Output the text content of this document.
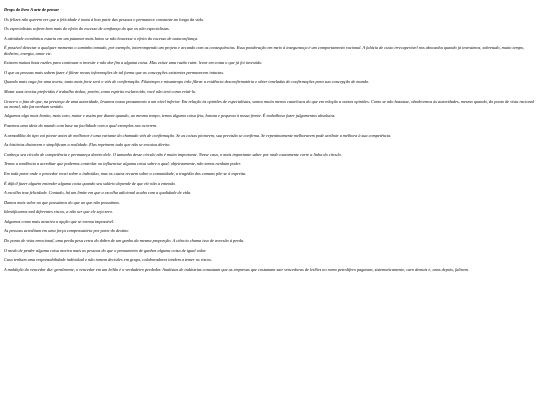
Drops do livro A arte de pensar

Os felizes não querem ver que a felicidade é inata à boa parte das pessoas e permanece constante ao longo da vida.

Os especialistas sofrem bem mais do efeito do excesso de confiança do que os não especialistas.

A atividade econômica estaria em um patamar mais baixo se não houvesse o efeito do excesso de autoconfiança.

É possível detectar a qualquer momento o caminho tomado, por exemplo, interrompendo um projeto e arcando com as consequências. Essa ponderação em meio à insegurança é um comportamento racional. A falácia de custo irrecuperável nos abocanha quando já investimos, sobretudo, muito tempo, dinheiro, energia, amor etc.

Existem muitas boas razões para continuar a investir e não dar fim a alguma coisa. Mas existe uma razão ruim: levar em conta o que já foi investido.

O que as pessoas mais sabem fazer é filtrar novas informações de tal forma que as concepções existentes permanecem intactas.

Quando mais vaga for uma teoria, tanto mais forte será o viés de confirmação. Filantropo e misantropo irão filtrar a evidência desconfirmatória e obter toneladas de confirmações para sua concepção de mundo.

Matar suas teorias preferidas é trabalho árduo; porém, como espírito esclarecido, você não terá como evitá-lo.

Grave-o o fato de que, na presença de uma autoridade, levamos nosso pensamento a um nível inferior. Em relação às opiniões de especialistas, somos muito menos cautelosos do que em relação a outras opiniões. Como se não bastasse, obedecemos às autoridades, mesmo quando, do ponto de vista racional ou moral, não faz nenhum sentido.

Julgamos algo mais bonito, mais caro, maior e assim por diante quando, ao mesmo tempo, temos alguma coisa feia, barata e pequena à nossa frente. É trabalhoso fazer julgamentos absolutos.

Fazemos uma ideia do mundo com base na facilidade com a qual exemplos nos ocorrem.

A armadilha do tipo vai piorar antes de melhorar é uma variante do chamado viés de confirmação. Se as coisas piorarem, sua previsão se confirma. Se repentinamente melhorarem pode atribuir a melhora à sua competência.

As histórias distorcem e simplificam a realidade. Elas reprimem tudo que não se encaixa direito.

Conheça seu círculo de competência e permaneça dentro dele. O tamanho desse círculo não é muito importante. Nesse caso, o mais importante saber por onde exatamente corre a linha do círculo.

Temos a tendência a acreditar que podemos controlar ou influenciar alguma coisa sobre a qual, objetivamente, não temos nenhum poder.

Em toda parte onde o provedor recai sobre o indivíduo, mas os custos recaem sobre a comunidade, a tragédia dos comuns põe-se à espreita.

É difícil fazer alguém entender alguma coisa quando seu salário depende de que ele não a entenda.

A escolha traz felicidade. Contudo, há um limite em que a escolha adicional acaba com a qualidade de vida.

Damos mais valor ao que possuímos do que ao que não possuímos.

Identificamos mal diferentes riscos, a não ser que ele seja zero.

Julgamos como mais atrativa a opção que se tornou impossível.

As pessoas acreditam em uma força compensatória por parte do destino

Do ponto de vista emocional, uma perda pesa cerca do dobro de um ganho da mesma proporção. A ciência chama isso de aversão à perda.

O medo de perder alguma coisa motiva mais as pessoas do que o pensamento de ganhar alguma coisa de igual valor.

Cuso tenham uma responsabilidade individual e não tomem decisões em grupo, colaboradores tendem a temer os riscos.

A maldição do vencedor diz: geralmente, o vencedor em um leilão é o verdadeiro perdedor. Analistas de indústrias constatam que as empresas que costumam sair vencedoras de leilões no ramo petrolífero pagaram, sistematicamente, caro demais e, anos depois, faliram.
